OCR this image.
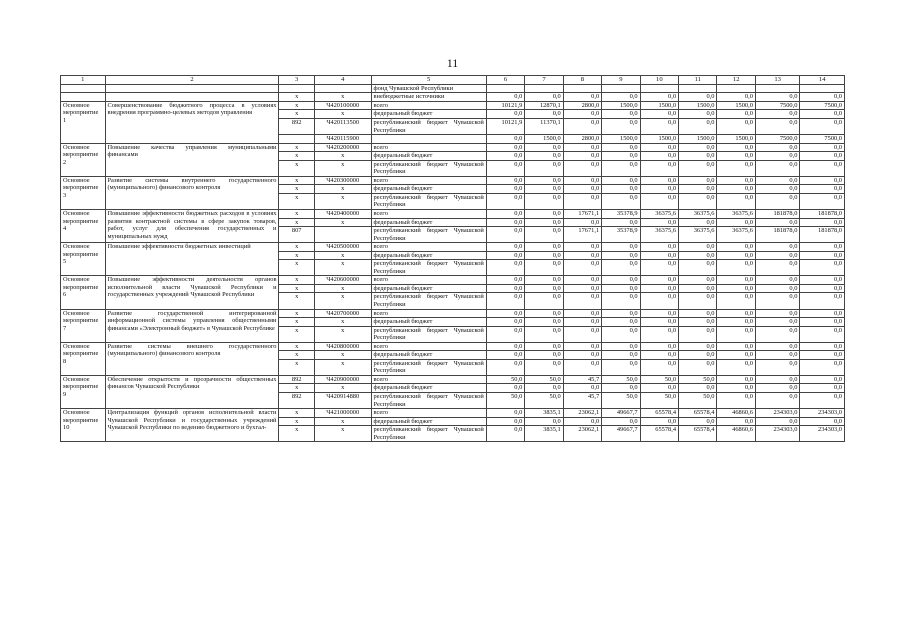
11
1	2	3	4	5	6	7	8	9	10	11	12	13	14
				фонд Чувашской Республики									
		x	x	внебюджетные источники	0,0	0,0	0,0	0,0	0,0	0,0	0,0	0,0	0,0
Основное мероприятие 1	Совершенствование бюджетного процесса в условиях внедрения программно-целевых методов управления	x	Ч420100000	всего	10121,9	12870,1	2800,0	1500,0	1500,0	1500,0	1500,0	7500,0	7500,0
		x	x	федеральный бюджет	0,0	0,0	0,0	0,0	0,0	0,0	0,0	0,0	0,0
		892	Ч420113500	республиканский бюджет Чувашской Республики	10121,9	11370,1	0,0	0,0	0,0	0,0	0,0	0,0	0,0
			Ч420115900		0,0	1500,0	2800,0	1500,0	1500,0	1500,0	1500,0	7500,0	7500,0
Основное мероприятие 2	Повышение качества управления муниципальными финансами	x	Ч420200000	всего	0,0	0,0	0,0	0,0	0,0	0,0	0,0	0,0	0,0
		x	x	федеральный бюджет	0,0	0,0	0,0	0,0	0,0	0,0	0,0	0,0	0,0
		x	x	республиканский бюджет Чувашской Республики	0,0	0,0	0,0	0,0	0,0	0,0	0,0	0,0	0,0
Основное мероприятие 3	Развитие системы внутреннего государственного (муниципального) финансового контроля	x	Ч420300000	всего	0,0	0,0	0,0	0,0	0,0	0,0	0,0	0,0	0,0
		x	x	федеральный бюджет	0,0	0,0	0,0	0,0	0,0	0,0	0,0	0,0	0,0
		x	x	республиканский бюджет Чувашской Республики	0,0	0,0	0,0	0,0	0,0	0,0	0,0	0,0	0,0
Основное мероприятие 4	Повышение эффективности бюджетных расходов в условиях развития контрактной системы в сфере закупок товаров, работ, услуг для обеспечения государственных и муниципальных нужд	x	Ч420400000	всего	0,0	0,0	17671,1	35378,9	36375,6	36375,6	36375,6	181878,0	181878,0
		x	x	федеральный бюджет	0,0	0,0	0,0	0,0	0,0	0,0	0,0	0,0	0,0
		807		республиканский бюджет Чувашской Республики	0,0	0,0	17671,1	35378,9	36375,6	36375,6	36375,6	181878,0	181878,0
Основное мероприятие 5	Повышение эффективности бюджетных инвестиций	x	Ч420500000	всего	0,0	0,0	0,0	0,0	0,0	0,0	0,0	0,0	0,0
		x	x	федеральный бюджет	0,0	0,0	0,0	0,0	0,0	0,0	0,0	0,0	0,0
		x	x	республиканский бюджет Чувашской Республики	0,0	0,0	0,0	0,0	0,0	0,0	0,0	0,0	0,0
Основное мероприятие 6	Повышение эффективности деятельности органов исполнительной власти Чувашской Республики и государственных учреждений Чувашской Республики	x	Ч420600000	всего	0,0	0,0	0,0	0,0	0,0	0,0	0,0	0,0	0,0
		x	x	федеральный бюджет	0,0	0,0	0,0	0,0	0,0	0,0	0,0	0,0	0,0
		x	x	республиканский бюджет Чувашской Республики	0,0	0,0	0,0	0,0	0,0	0,0	0,0	0,0	0,0
Основное мероприятие 7	Развитие государственной интегрированной информационной системы управления общественными финансами «Электронный бюджет» в Чувашской Республике	x	Ч420700000	всего	0,0	0,0	0,0	0,0	0,0	0,0	0,0	0,0	0,0
		x	x	федеральный бюджет	0,0	0,0	0,0	0,0	0,0	0,0	0,0	0,0	0,0
		x	x	республиканский бюджет Чувашской Республики	0,0	0,0	0,0	0,0	0,0	0,0	0,0	0,0	0,0
Основное мероприятие 8	Развитие системы внешнего государственного (муниципального) финансового контроля	x	Ч420800000	всего	0,0	0,0	0,0	0,0	0,0	0,0	0,0	0,0	0,0
		x	x	федеральный бюджет	0,0	0,0	0,0	0,0	0,0	0,0	0,0	0,0	0,0
		x	x	республиканский бюджет Чувашской Республики	0,0	0,0	0,0	0,0	0,0	0,0	0,0	0,0	0,0
Основное мероприятие 9	Обеспечение открытости и прозрачности общественных финансов Чувашской Республики	892	Ч420900000	всего	50,0	50,0	45,7	50,0	50,0	50,0	0,0	0,0	0,0
		x	x	федеральный бюджет	0,0	0,0	0,0	0,0	0,0	0,0	0,0	0,0	0,0
		892	Ч420914880	республиканский бюджет Чувашской Республики	50,0	50,0	45,7	50,0	50,0	50,0	0,0	0,0	0,0
Основное мероприятие 10	Централизация функций органов исполнительной власти Чувашской Республики и государственных учреждений Чувашской Республики по ведению бюджетного и бухгал-	x	Ч421000000	всего	0,0	3835,1	23062,1	49667,7	65578,4	65578,4	46860,6	234303,0	234303,0
		x	x	федеральный бюджет	0,0	0,0	0,0	0,0	0,0	0,0	0,0	0,0	0,0
		x	x	республиканский бюджет Чувашской Республики	0,0	3835,1	23062,1	49667,7	65578,4	65578,4	46860,6	234303,0	234303,0
